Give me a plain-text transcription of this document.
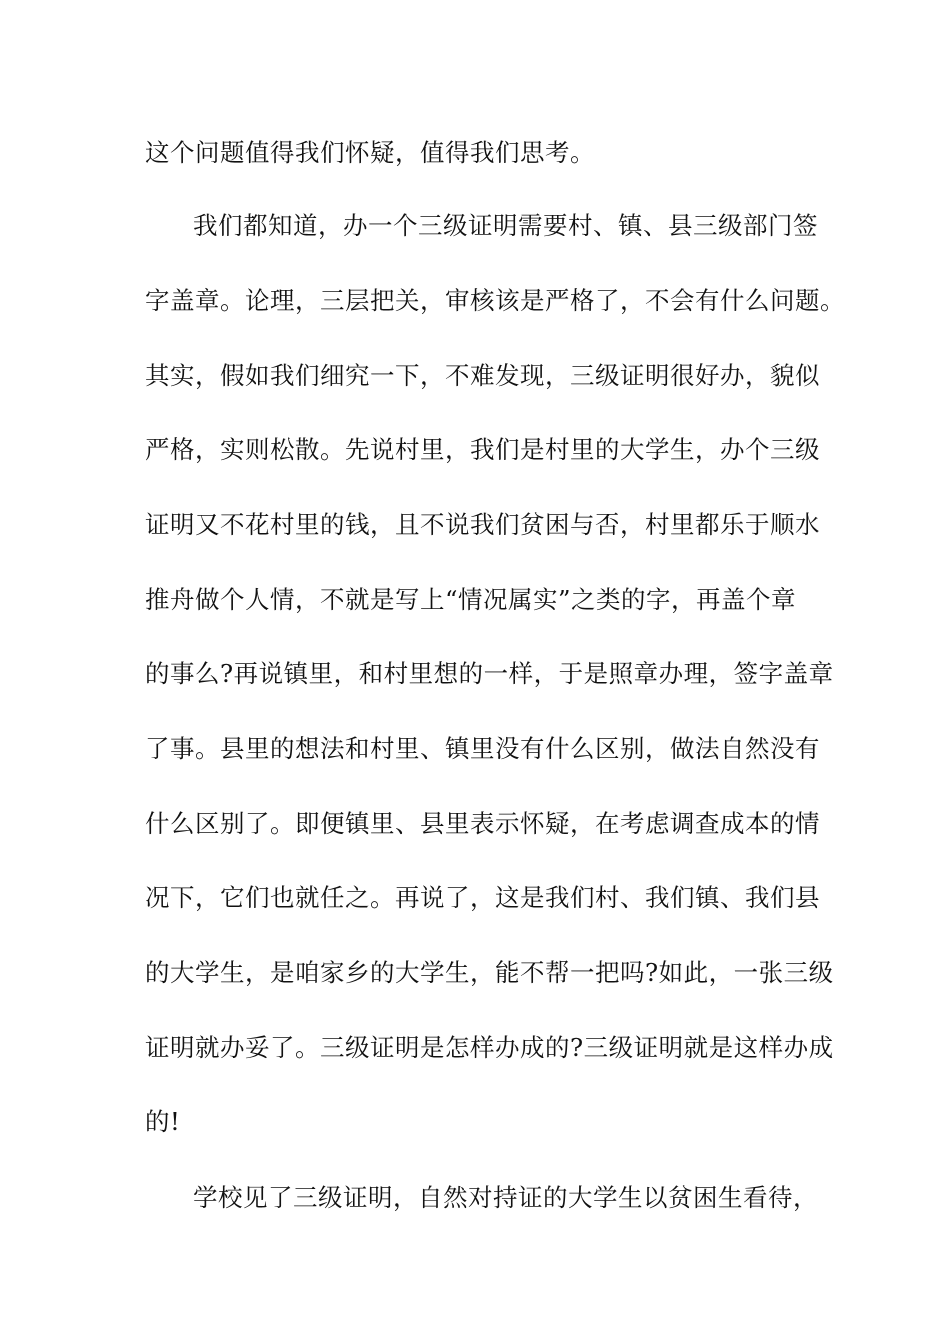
这个问题值得我们怀疑，值得我们思考。
我们都知道，办一个三级证明需要村、镇、县三级部门签
字盖章。论理，三层把关，审核该是严格了，不会有什么问题。
其实，假如我们细究一下，不难发现，三级证明很好办，貌似
严格，实则松散。先说村里，我们是村里的大学生，办个三级
证明又不花村里的钱，且不说我们贫困与否，村里都乐于顺水
推舟做个人情，不就是写上“情况属实”之类的字，再盖个章
的事么?再说镇里，和村里想的一样，于是照章办理，签字盖章
了事。县里的想法和村里、镇里没有什么区别，做法自然没有
什么区别了。即便镇里、县里表示怀疑，在考虑调查成本的情
况下，它们也就任之。再说了，这是我们村、我们镇、我们县
的大学生，是咱家乡的大学生，能不帮一把吗?如此，一张三级
证明就办妥了。三级证明是怎样办成的?三级证明就是这样办成
的!
学校见了三级证明，自然对持证的大学生以贫困生看待，
